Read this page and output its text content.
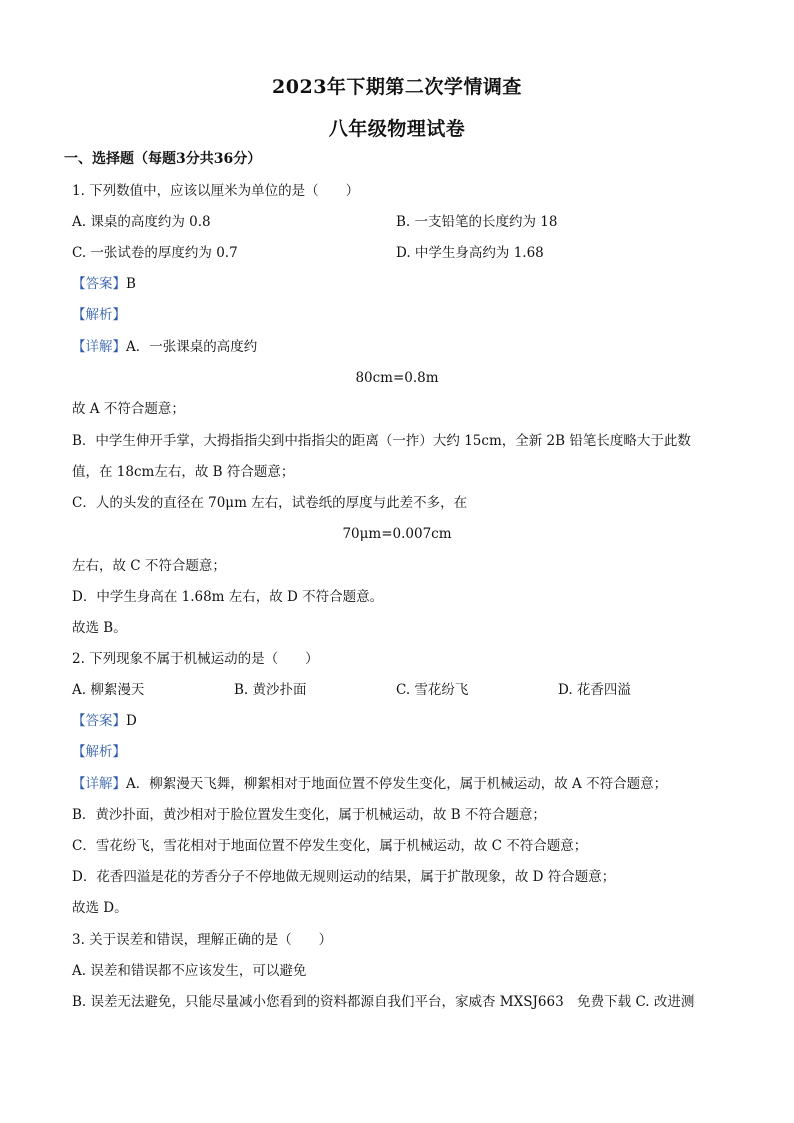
2023年下期第二次学情调查
八年级物理试卷
一、选择题（每题3分共36分）
1. 下列数值中，应该以厘米为单位的是（　　）
A. 课桌的高度约为 0.8	B. 一支铅笔的长度约为 18
C. 一张试卷的厚度约为 0.7	D. 中学生身高约为 1.68
【答案】B
【解析】
【详解】A．一张课桌的高度约
80cm=0.8m
故 A 不符合题意；
B．中学生伸开手掌，大拇指指尖到中指指尖的距离（一拃）大约 15cm，全新 2B 铅笔长度略大于此数
值，在 18cm左右，故 B 符合题意；
C．人的头发的直径在 70μm 左右，试卷纸的厚度与此差不多，在
70μm=0.007cm
左右，故 C 不符合题意；
D．中学生身高在 1.68m 左右，故 D 不符合题意。
故选 B。
2. 下列现象不属于机械运动的是（　　）
A. 柳絮漫天	B. 黄沙扑面	C. 雪花纷飞	D. 花香四溢
【答案】D
【解析】
【详解】A．柳絮漫天飞舞，柳絮相对于地面位置不停发生变化，属于机械运动，故 A 不符合题意；
B．黄沙扑面，黄沙相对于脸位置发生变化，属于机械运动，故 B 不符合题意；
C．雪花纷飞，雪花相对于地面位置不停发生变化，属于机械运动，故 C 不符合题意；
D．花香四溢是花的芳香分子不停地做无规则运动的结果，属于扩散现象，故 D 符合题意；
故选 D。
3. 关于误差和错误，理解正确的是（　　）
A. 误差和错误都不应该发生，可以避免
B. 误差无法避免，只能尽量减小您看到的资料都源自我们平台，家威杏 MXSJ663　免费下载 C. 改进测
